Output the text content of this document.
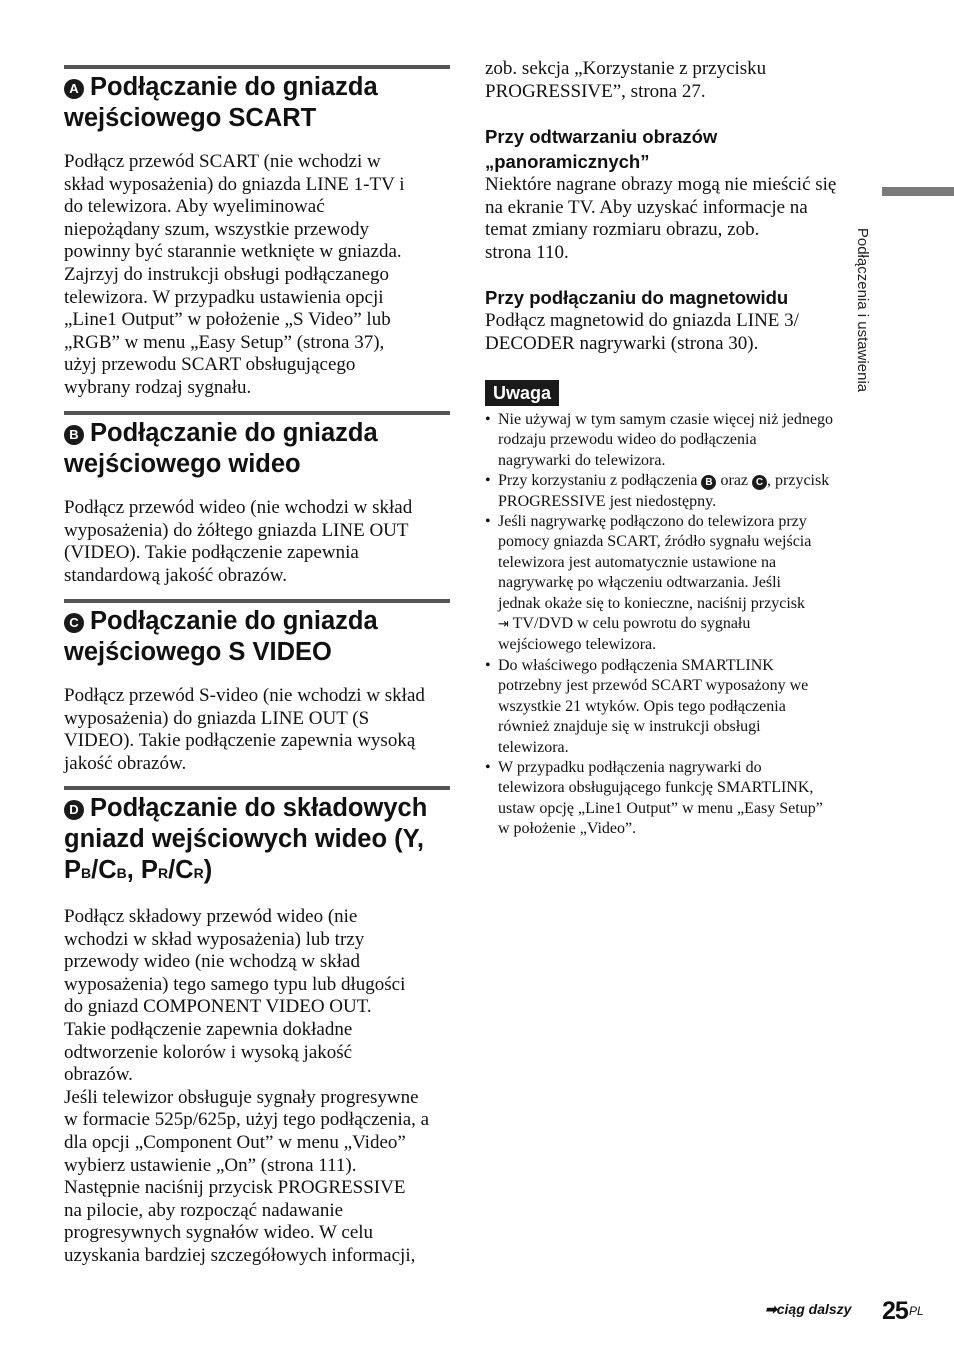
A Podłączanie do gniazda wejściowego SCART

Podłącz przewód SCART (nie wchodzi w
skład wyposażenia) do gniazda LINE 1-TV i
do telewizora. Aby wyeliminować
niepożądany szum, wszystkie przewody
powinny być starannie wetknięte w gniazda.
Zajrzyj do instrukcji obsługi podłączanego
telewizora. W przypadku ustawienia opcji
„Line1 Output” w położenie „S Video” lub
„RGB” w menu „Easy Setup” (strona 37),
użyj przewodu SCART obsługującego
wybrany rodzaj sygnału.

B Podłączanie do gniazda wejściowego wideo

Podłącz przewód wideo (nie wchodzi w skład
wyposażenia) do żółtego gniazda LINE OUT
(VIDEO). Takie podłączenie zapewnia
standardową jakość obrazów.

C Podłączanie do gniazda wejściowego S VIDEO

Podłącz przewód S-video (nie wchodzi w skład
wyposażenia) do gniazda LINE OUT (S
VIDEO). Takie podłączenie zapewnia wysoką
jakość obrazów.

D Podłączanie do składowych
gniazd wejściowych wideo (Y,
PB/CB, PR/CR)

Podłącz składowy przewód wideo (nie
wchodzi w skład wyposażenia) lub trzy
przewody wideo (nie wchodzą w skład
wyposażenia) tego samego typu lub długości
do gniazd COMPONENT VIDEO OUT.
Takie podłączenie zapewnia dokładne
odtworzenie kolorów i wysoką jakość
obrazów.
Jeśli telewizor obsługuje sygnały progresywne
w formacie 525p/625p, użyj tego podłączenia, a
dla opcji „Component Out” w menu „Video”
wybierz ustawienie „On” (strona 111).
Następnie naciśnij przycisk PROGRESSIVE
na pilocie, aby rozpocząć nadawanie
progresywnych sygnałów wideo. W celu
uzyskania bardziej szczegółowych informacji,

zob. sekcja „Korzystanie z przycisku
PROGRESSIVE”, strona 27.

Przy odtwarzaniu obrazów
„panoramicznych”

Niektóre nagrane obrazy mogą nie mieścić się
na ekranie TV. Aby uzyskać informacje na
temat zmiany rozmiaru obrazu, zob.
strona 110.

Przy podłączaniu do magnetowidu

Podłącz magnetowid do gniazda LINE 3/
DECODER nagrywarki (strona 30).

Uwaga
• Nie używaj w tym samym czasie więcej niż jednego
rodzaju przewodu wideo do podłączenia
nagrywarki do telewizora.
• Przy korzystaniu z podłączenia B oraz C , przycisk
PROGRESSIVE jest niedostępny.
• Jeśli nagrywarkę podłączono do telewizora przy
pomocy gniazda SCART, źródło sygnału wejścia
telewizora jest automatycznie ustawione na
nagrywarkę po włączeniu odtwarzania. Jeśli
jednak okaże się to konieczne, naciśnij przycisk
⇥ TV/DVD w celu powrotu do sygnału
wejściowego telewizora.
• Do właściwego podłączenia SMARTLINK
potrzebny jest przewód SCART wyposażony we
wszystkie 21 wtyków. Opis tego podłączenia
również znajduje się w instrukcji obsługi
telewizora.
• W przypadku podłączenia nagrywarki do
telewizora obsługującego funkcję SMARTLINK,
ustaw opcję „Line1 Output” w menu „Easy Setup”
w położenie „Video”.
Podłączenia i ustawienia
➡ciąg dalszy 25 PL
